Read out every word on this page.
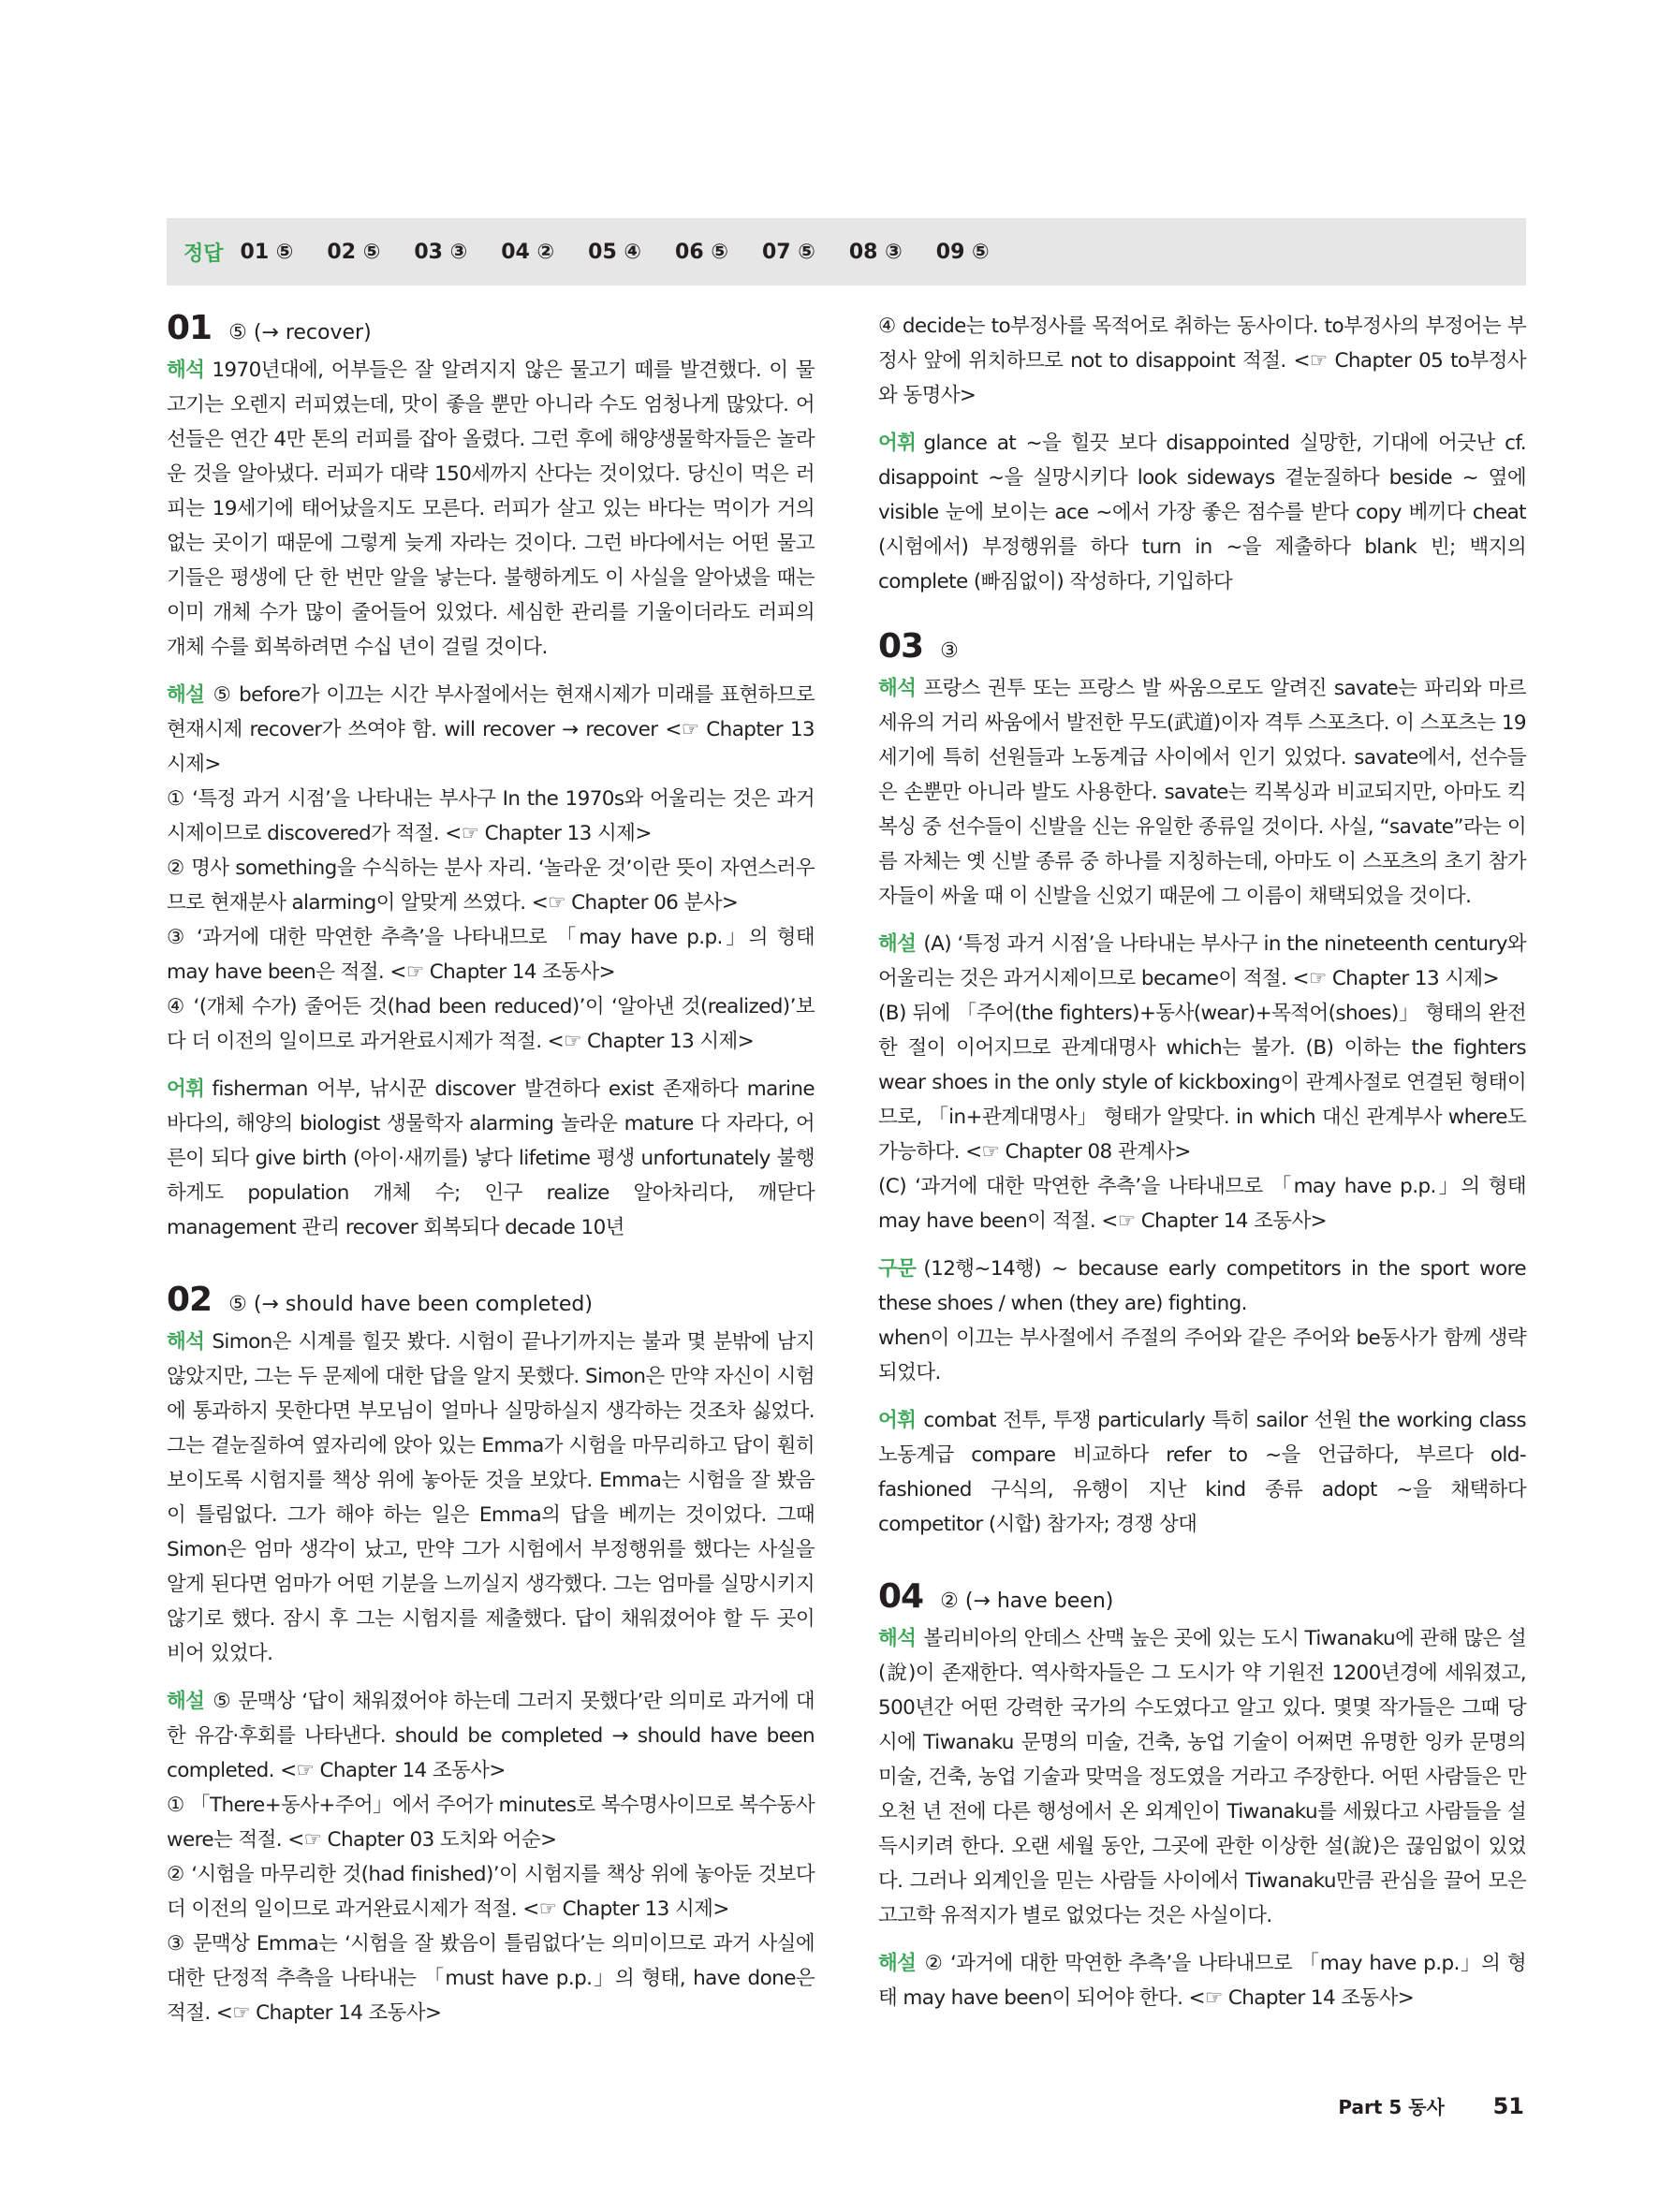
정답 01 ⑤ 02 ⑤ 03 ③ 04 ② 05 ④ 06 ⑤ 07 ⑤ 08 ③ 09 ⑤
01 ⑤ (→ recover)

해석 1970년대에, 어부들은 잘 알려지지 않은 물고기 떼를 발견했다. 이 물고기는 오렌지 러피였는데, 맛이 좋을 뿐만 아니라 수도 엄청나게 많았다. 어선들은 연간 4만 톤의 러피를 잡아 올렸다. 그런 후에 해양생물학자들은 놀라운 것을 알아냈다. 러피가 대략 150세까지 산다는 것이었다. 당신이 먹은 러피는 19세기에 태어났을지도 모른다. 러피가 살고 있는 바다는 먹이가 거의 없는 곳이기 때문에 그렇게 늦게 자라는 것이다. 그런 바다에서는 어떤 물고기들은 평생에 단 한 번만 알을 낳는다. 불행하게도 이 사실을 알아냈을 때는 이미 개체 수가 많이 줄어들어 있었다. 세심한 관리를 기울이더라도 러피의 개체 수를 회복하려면 수십 년이 걸릴 것이다.

해설 ⑤ before가 이끄는 시간 부사절에서는 현재시제가 미래를 표현하므로 현재시제 recover가 쓰여야 함. will recover → recover <☞ Chapter 13 시제>
① ‘특정 과거 시점’을 나타내는 부사구 In the 1970s와 어울리는 것은 과거시제이므로 discovered가 적절. <☞ Chapter 13 시제>
② 명사 something을 수식하는 분사 자리. ‘놀라운 것’이란 뜻이 자연스러우므로 현재분사 alarming이 알맞게 쓰였다. <☞ Chapter 06 분사>
③ ‘과거에 대한 막연한 추측’을 나타내므로 「may have p.p.」의 형태 may have been은 적절. <☞ Chapter 14 조동사>
④ ‘(개체 수가) 줄어든 것(had been reduced)’이 ‘알아낸 것(realized)’보다 더 이전의 일이므로 과거완료시제가 적절. <☞ Chapter 13 시제>

어휘 fisherman 어부, 낚시꾼 discover 발견하다 exist 존재하다 marine 바다의, 해양의 biologist 생물학자 alarming 놀라운 mature 다 자라다, 어른이 되다 give birth (아이·새끼를) 낳다 lifetime 평생 unfortunately 불행하게도 population 개체 수; 인구 realize 알아차리다, 깨닫다 management 관리 recover 회복되다 decade 10년

02 ⑤ (→ should have been completed)

해석 Simon은 시계를 힐끗 봤다. 시험이 끝나기까지는 불과 몇 분밖에 남지 않았지만, 그는 두 문제에 대한 답을 알지 못했다. Simon은 만약 자신이 시험에 통과하지 못한다면 부모님이 얼마나 실망하실지 생각하는 것조차 싫었다. 그는 곁눈질하여 옆자리에 앉아 있는 Emma가 시험을 마무리하고 답이 훤히 보이도록 시험지를 책상 위에 놓아둔 것을 보았다. Emma는 시험을 잘 봤음이 틀림없다. 그가 해야 하는 일은 Emma의 답을 베끼는 것이었다. 그때 Simon은 엄마 생각이 났고, 만약 그가 시험에서 부정행위를 했다는 사실을 알게 된다면 엄마가 어떤 기분을 느끼실지 생각했다. 그는 엄마를 실망시키지 않기로 했다. 잠시 후 그는 시험지를 제출했다. 답이 채워졌어야 할 두 곳이 비어 있었다.

해설 ⑤ 문맥상 ‘답이 채워졌어야 하는데 그러지 못했다’란 의미로 과거에 대한 유감·후회를 나타낸다. should be completed → should have been completed. <☞ Chapter 14 조동사>
① 「There+동사+주어」에서 주어가 minutes로 복수명사이므로 복수동사 were는 적절. <☞ Chapter 03 도치와 어순>
② ‘시험을 마무리한 것(had finished)’이 시험지를 책상 위에 놓아둔 것보다 더 이전의 일이므로 과거완료시제가 적절. <☞ Chapter 13 시제>
③ 문맥상 Emma는 ‘시험을 잘 봤음이 틀림없다’는 의미이므로 과거 사실에 대한 단정적 추측을 나타내는 「must have p.p.」의 형태, have done은 적절. <☞ Chapter 14 조동사>

④ decide는 to부정사를 목적어로 취하는 동사이다. to부정사의 부정어는 부정사 앞에 위치하므로 not to disappoint 적절. <☞ Chapter 05 to부정사와 동명사>

어휘 glance at ~을 힐끗 보다 disappointed 실망한, 기대에 어긋난 cf. disappoint ~을 실망시키다 look sideways 곁눈질하다 beside ~ 옆에 visible 눈에 보이는 ace ~에서 가장 좋은 점수를 받다 copy 베끼다 cheat (시험에서) 부정행위를 하다 turn in ~을 제출하다 blank 빈; 백지의 complete (빠짐없이) 작성하다, 기입하다

03 ③

해석 프랑스 권투 또는 프랑스 발 싸움으로도 알려진 savate는 파리와 마르세유의 거리 싸움에서 발전한 무도(武道)이자 격투 스포츠다. 이 스포츠는 19세기에 특히 선원들과 노동계급 사이에서 인기 있었다. savate에서, 선수들은 손뿐만 아니라 발도 사용한다. savate는 킥복싱과 비교되지만, 아마도 킥복싱 중 선수들이 신발을 신는 유일한 종류일 것이다. 사실, “savate”라는 이름 자체는 옛 신발 종류 중 하나를 지칭하는데, 아마도 이 스포츠의 초기 참가자들이 싸울 때 이 신발을 신었기 때문에 그 이름이 채택되었을 것이다.

해설 (A) ‘특정 과거 시점’을 나타내는 부사구 in the nineteenth century와 어울리는 것은 과거시제이므로 became이 적절. <☞ Chapter 13 시제>
(B) 뒤에 「주어(the fighters)+동사(wear)+목적어(shoes)」 형태의 완전한 절이 이어지므로 관계대명사 which는 불가. (B) 이하는 the fighters wear shoes in the only style of kickboxing이 관계사절로 연결된 형태이므로, 「in+관계대명사」 형태가 알맞다. in which 대신 관계부사 where도 가능하다. <☞ Chapter 08 관계사>
(C) ‘과거에 대한 막연한 추측’을 나타내므로 「may have p.p.」의 형태 may have been이 적절. <☞ Chapter 14 조동사>

구문 (12행~14행) ~ because early competitors in the sport wore these shoes / when (they are) fighting.
when이 이끄는 부사절에서 주절의 주어와 같은 주어와 be동사가 함께 생략되었다.

어휘 combat 전투, 투쟁 particularly 특히 sailor 선원 the working class 노동계급 compare 비교하다 refer to ~을 언급하다, 부르다 old-fashioned 구식의, 유행이 지난 kind 종류 adopt ~을 채택하다 competitor (시합) 참가자; 경쟁 상대

04 ② (→ have been)

해석 볼리비아의 안데스 산맥 높은 곳에 있는 도시 Tiwanaku에 관해 많은 설(說)이 존재한다. 역사학자들은 그 도시가 약 기원전 1200년경에 세워졌고, 500년간 어떤 강력한 국가의 수도였다고 알고 있다. 몇몇 작가들은 그때 당시에 Tiwanaku 문명의 미술, 건축, 농업 기술이 어쩌면 유명한 잉카 문명의 미술, 건축, 농업 기술과 맞먹을 정도였을 거라고 주장한다. 어떤 사람들은 만 오천 년 전에 다른 행성에서 온 외계인이 Tiwanaku를 세웠다고 사람들을 설득시키려 한다. 오랜 세월 동안, 그곳에 관한 이상한 설(說)은 끊임없이 있었다. 그러나 외계인을 믿는 사람들 사이에서 Tiwanaku만큼 관심을 끌어 모은 고고학 유적지가 별로 없었다는 것은 사실이다.

해설 ② ‘과거에 대한 막연한 추측’을 나타내므로 「may have p.p.」의 형태 may have been이 되어야 한다. <☞ Chapter 14 조동사>

Part 5 동사 51
